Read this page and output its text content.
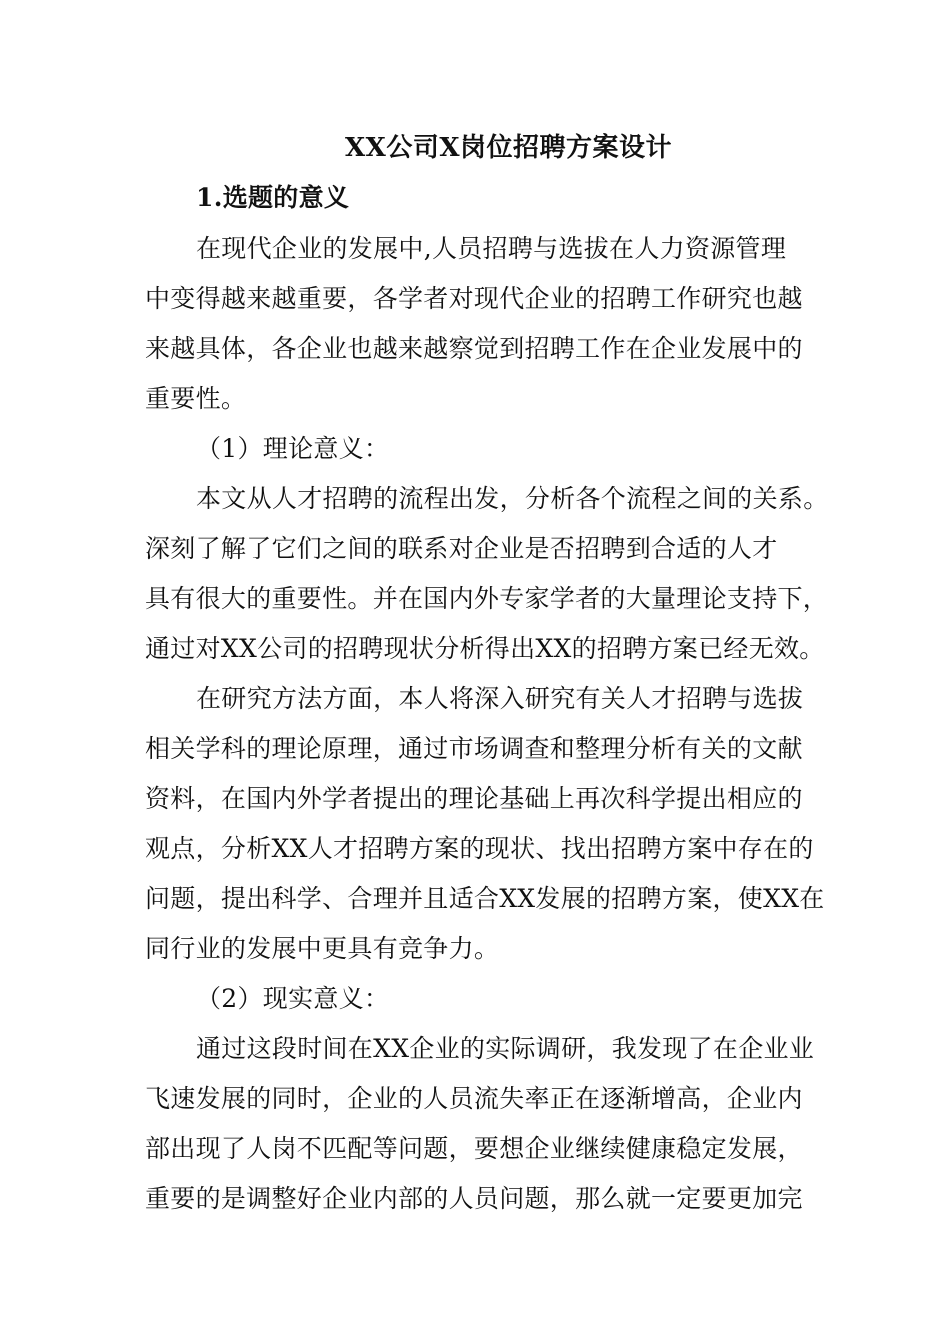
XX公司X岗位招聘方案设计
1.选题的意义
在现代企业的发展中,人员招聘与选拔在人力资源管理
中变得越来越重要，各学者对现代企业的招聘工作研究也越
来越具体，各企业也越来越察觉到招聘工作在企业发展中的
重要性。
（1）理论意义：
本文从人才招聘的流程出发，分析各个流程之间的关系。
深刻了解了它们之间的联系对企业是否招聘到合适的人才
具有很大的重要性。并在国内外专家学者的大量理论支持下，
通过对XX公司的招聘现状分析得出XX的招聘方案已经无效。
在研究方法方面，本人将深入研究有关人才招聘与选拔
相关学科的理论原理，通过市场调查和整理分析有关的文献
资料，在国内外学者提出的理论基础上再次科学提出相应的
观点，分析XX人才招聘方案的现状、找出招聘方案中存在的
问题，提出科学、合理并且适合XX发展的招聘方案，使XX在
同行业的发展中更具有竞争力。
（2）现实意义：
通过这段时间在XX企业的实际调研，我发现了在企业业
飞速发展的同时，企业的人员流失率正在逐渐增高，企业内
部出现了人岗不匹配等问题，要想企业继续健康稳定发展，
重要的是调整好企业内部的人员问题，那么就一定要更加完
